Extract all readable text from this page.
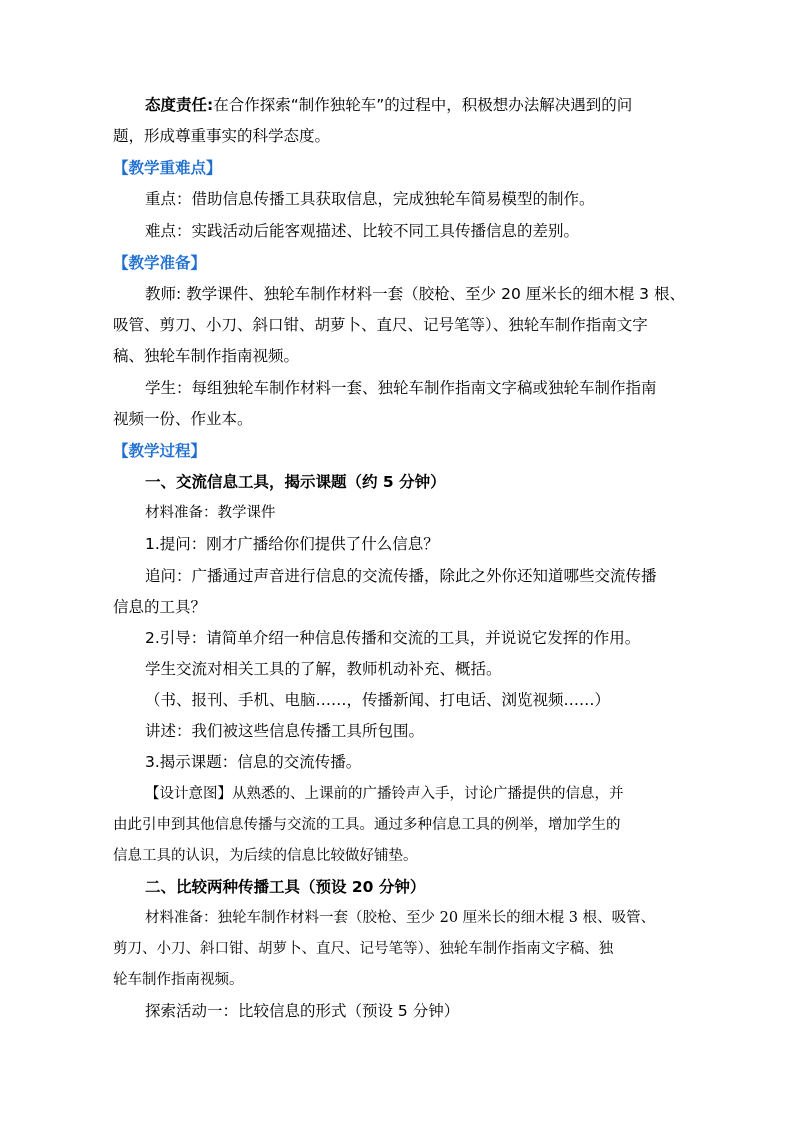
态度责任:在合作探索“制作独轮车”的过程中，积极想办法解决遇到的问
题，形成尊重事实的科学态度。
【教学重难点】
重点：借助信息传播工具获取信息，完成独轮车简易模型的制作。
难点：实践活动后能客观描述、比较不同工具传播信息的差别。
【教学准备】
教师: 教学课件、独轮车制作材料一套（胶枪、至少 20 厘米长的细木棍 3 根、
吸管、剪刀、小刀、斜口钳、胡萝卜、直尺、记号笔等）、独轮车制作指南文字
稿、独轮车制作指南视频。
学生：每组独轮车制作材料一套、独轮车制作指南文字稿或独轮车制作指南
视频一份、作业本。
【教学过程】
一、交流信息工具，揭示课题（约 5 分钟）
材料准备：教学课件
1.提问：刚才广播给你们提供了什么信息？
追问：广播通过声音进行信息的交流传播，除此之外你还知道哪些交流传播
信息的工具？
2.引导：请简单介绍一种信息传播和交流的工具，并说说它发挥的作用。
学生交流对相关工具的了解，教师机动补充、概括。
（书、报刊、手机、电脑……，传播新闻、打电话、浏览视频……）
讲述：我们被这些信息传播工具所包围。
3.揭示课题：信息的交流传播。
【设计意图】从熟悉的、上课前的广播铃声入手，讨论广播提供的信息，并
由此引申到其他信息传播与交流的工具。通过多种信息工具的例举，增加学生的
信息工具的认识，为后续的信息比较做好铺垫。
二、比较两种传播工具（预设 20 分钟）
材料准备：独轮车制作材料一套（胶枪、至少 20 厘米长的细木棍 3 根、吸管、
剪刀、小刀、斜口钳、胡萝卜、直尺、记号笔等）、独轮车制作指南文字稿、独
轮车制作指南视频。
探索活动一：比较信息的形式（预设 5 分钟）
